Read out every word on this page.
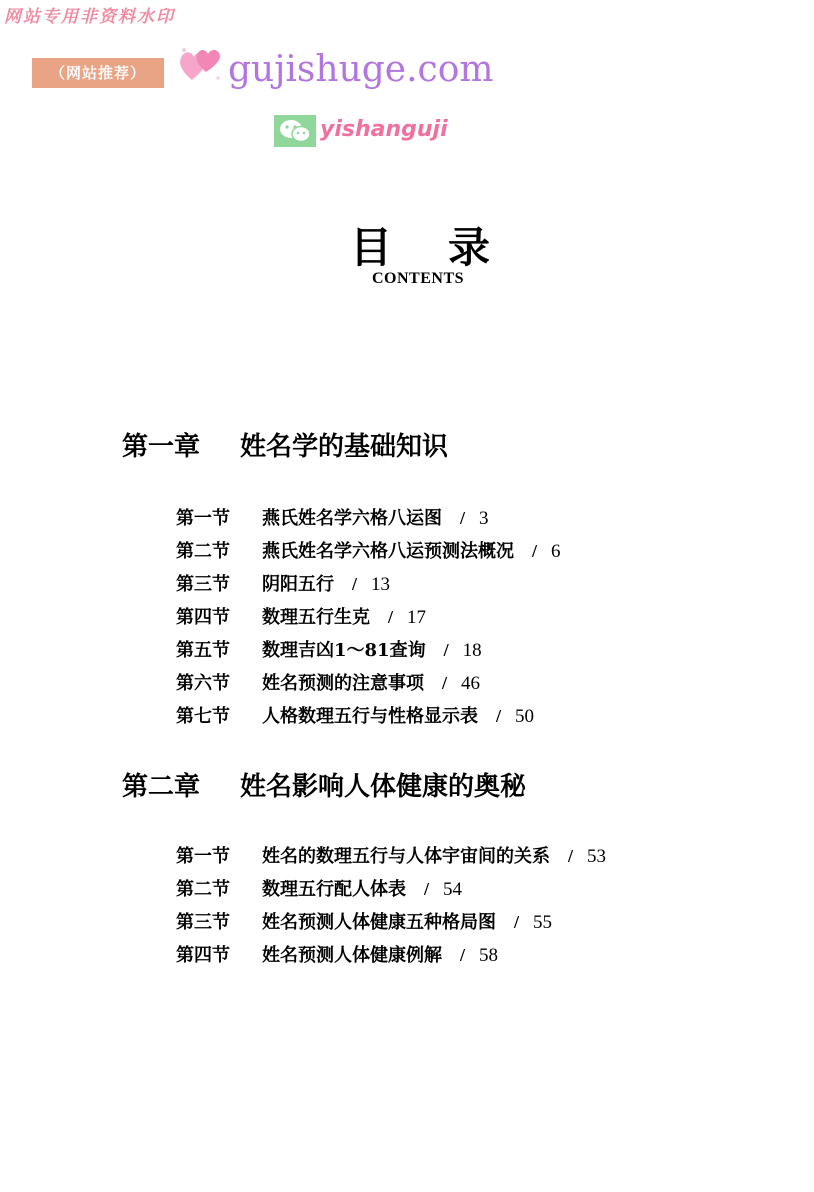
网站专用非资料水印
（网站推荐）	gujishuge.com
yishanguji
目 录
CONTENTS
第一章	姓名学的基础知识
第一节	燕氏姓名学六格八运图 / 3
第二节	燕氏姓名学六格八运预测法概况 / 6
第三节	阴阳五行 / 13
第四节	数理五行生克 / 17
第五节	数理吉凶1～81查询 / 18
第六节	姓名预测的注意事项 / 46
第七节	人格数理五行与性格显示表 / 50
第二章	姓名影响人体健康的奥秘
第一节	姓名的数理五行与人体宇宙间的关系 / 53
第二节	数理五行配人体表 / 54
第三节	姓名预测人体健康五种格局图 / 55
第四节	姓名预测人体健康例解 / 58
